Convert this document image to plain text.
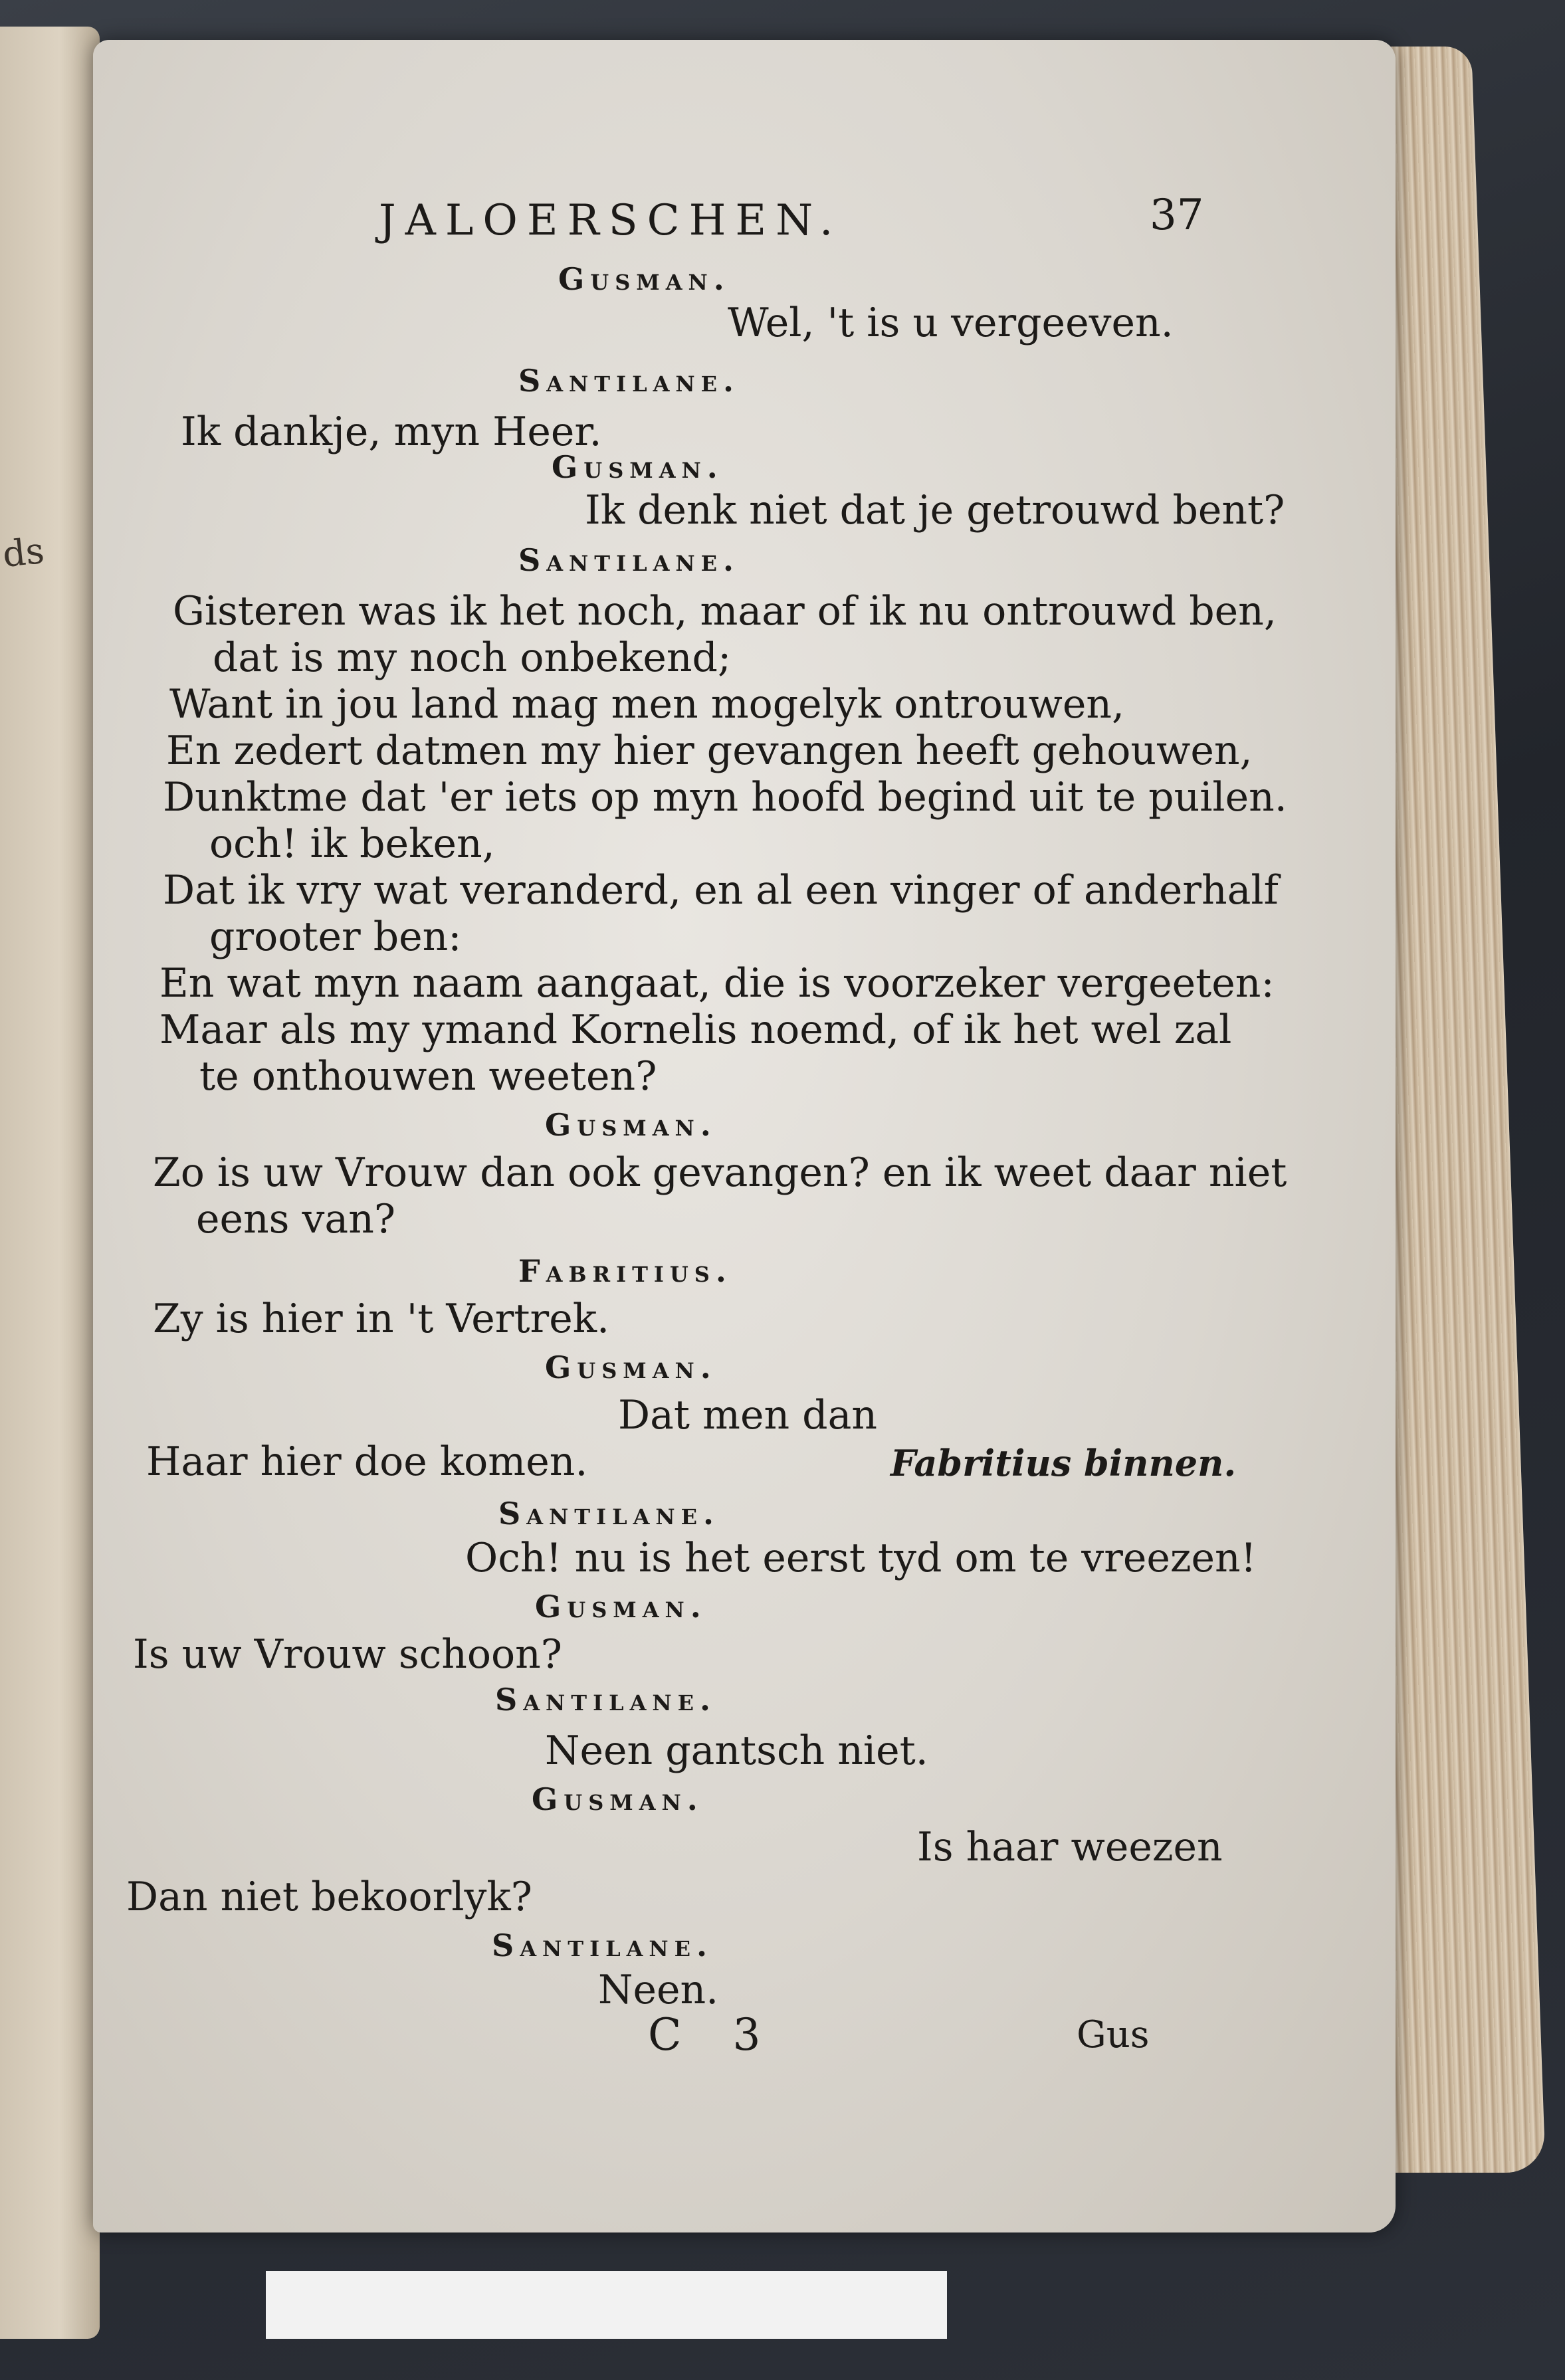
ds
JALOERSCHEN.	37
Gusman.
Wel, 't is u vergeeven.
Santilane.
Ik dankje, myn Heer.
Gusman.
Ik denk niet dat je getrouwd bent?
Santilane.
Gisteren was ik het noch, maar of ik nu ontrouwd ben,
dat is my noch onbekend;
Want in jou land mag men mogelyk ontrouwen,
En zedert datmen my hier gevangen heeft gehouwen,
Dunktme dat 'er iets op myn hoofd begind uit te puilen.
och! ik beken,
Dat ik vry wat veranderd, en al een vinger of anderhalf
grooter ben:
En wat myn naam aangaat, die is voorzeker vergeeten:
Maar als my ymand Kornelis noemd, of ik het wel zal
te onthouwen weeten?
Gusman.
Zo is uw Vrouw dan ook gevangen? en ik weet daar niet
eens van?
Fabritius.
Zy is hier in 't Vertrek.
Gusman.
Dat men dan
Haar hier doe komen.	Fabritius binnen.
Santilane.
Och! nu is het eerst tyd om te vreezen!
Gusman.
Is uw Vrouw schoon?
Santilane.
Neen gantsch niet.
Gusman.
Is haar weezen
Dan niet bekoorlyk?
Santilane.
Neen.
C 3	Gus
